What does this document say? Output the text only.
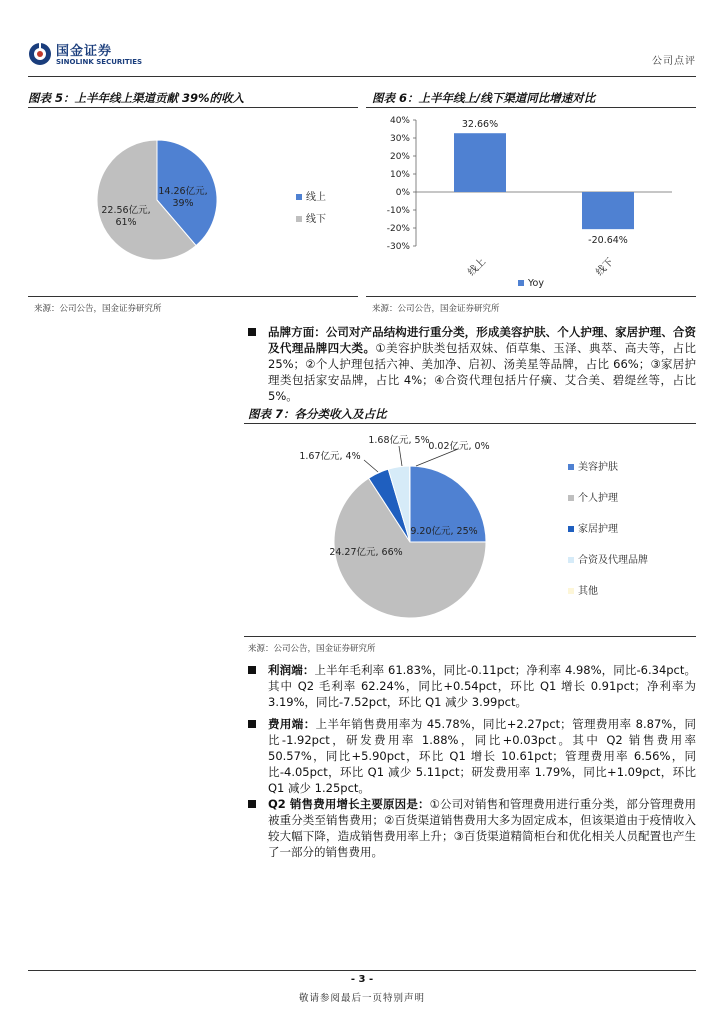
国金证券
SINOLINK SECURITIES	公司点评
图表 5：上半年线上渠道贡献 39%的收入
14.26亿元,
39%
22.56亿元,
61%
线上
线下
来源：公司公告，国金证券研究所
图表 6：上半年线上/线下渠道同比增速对比
40%
30%
20%
10%
0%
-10%
-20%
-30%
32.66%
线上
-20.64%
线下
Yoy
来源：公司公告，国金证券研究所
品牌方面：公司对产品结构进行重分类，形成美容护肤、个人护理、家居护理、合资及代理品牌四大类。①美容护肤类包括双妹、佰草集、玉泽、典萃、高夫等，占比 25%；②个人护理包括六神、美加净、启初、汤美星等品牌，占比 66%；③家居护理类包括家安品牌，占比 4%；④合资代理包括片仔癀、艾合美、碧缇丝等，占比 5%。
图表 7：各分类收入及占比
9.20亿元, 25%
24.27亿元, 66%
1.67亿元, 4%
1.68亿元, 5%
0.02亿元, 0%
美容护肤
个人护理
家居护理
合资及代理品牌
其他
来源：公司公告，国金证券研究所
利润端：上半年毛利率 61.83%，同比-0.11pct；净利率 4.98%，同比-6.34pct。其中 Q2 毛利率 62.24%，同比+0.54pct，环比 Q1 增长 0.91pct；净利率为 3.19%，同比-7.52pct，环比 Q1 减少 3.99pct。
费用端：上半年销售费用率为 45.78%，同比+2.27pct；管理费用率 8.87%，同比-1.92pct，研发费用率 1.88%，同比+0.03pct。其中 Q2 销售费用率 50.57%，同比+5.90pct，环比 Q1 增长 10.61pct；管理费用率 6.56%，同比-4.05pct，环比 Q1 减少 5.11pct；研发费用率 1.79%，同比+1.09pct，环比 Q1 减少 1.25pct。
Q2 销售费用增长主要原因是：①公司对销售和管理费用进行重分类，部分管理费用被重分类至销售费用；②百货渠道销售费用大多为固定成本，但该渠道由于疫情收入较大幅下降，造成销售费用率上升；③百货渠道精简柜台和优化相关人员配置也产生了一部分的销售费用。
- 3 -
敬请参阅最后一页特别声明
